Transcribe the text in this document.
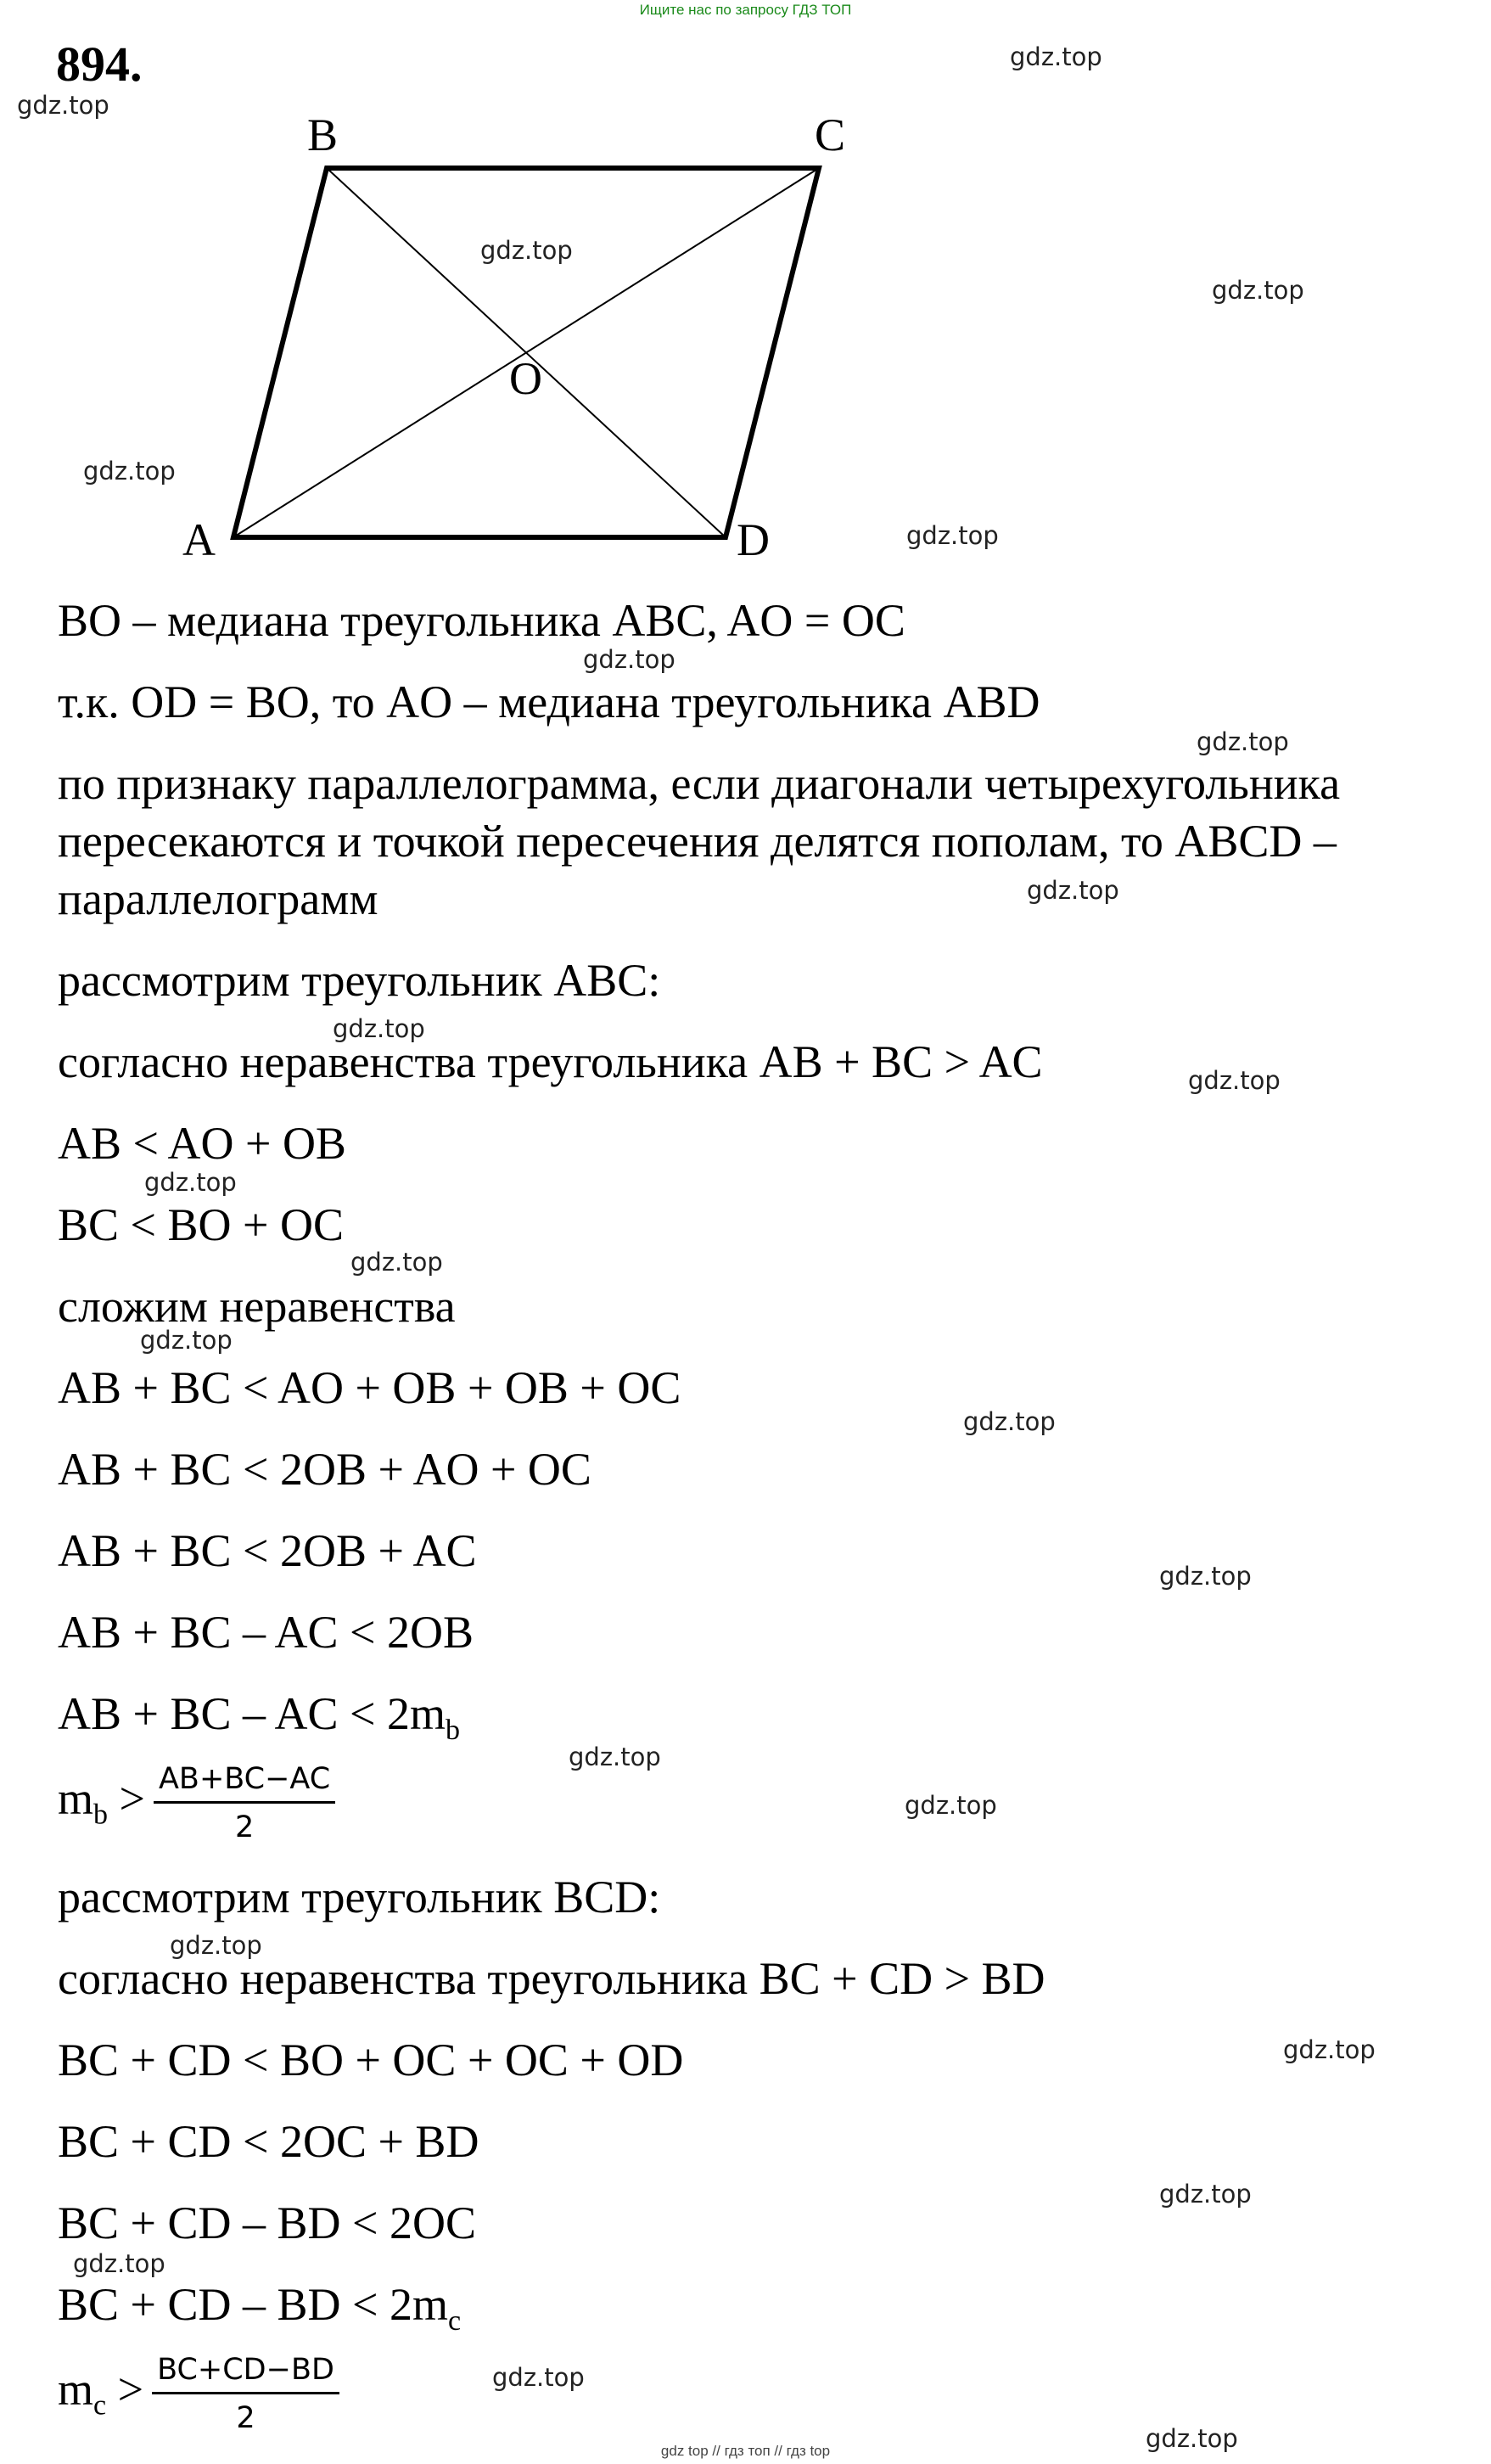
Ищите нас по запросу ГДЗ ТОП
894.
B	C
O
A	D
gdz.top
gdz.top
gdz.top
gdz.top
gdz.top
gdz.top
gdz.top
gdz.top
gdz.top
gdz.top
gdz.top
gdz.top
gdz.top
gdz.top
gdz.top
gdz.top
gdz.top
gdz.top
gdz.top
gdz.top
gdz.top
gdz.top
gdz.top
gdz.top
BO – медиана треугольника ABC, AO = OC
т.к. OD = BO, то AO – медиана треугольника ABD
по признаку параллелограмма, если диагонали четырехугольника
пересекаются и точкой пересечения делятся пополам, то ABCD –
параллелограмм
рассмотрим треугольник ABC:
согласно неравенства треугольника AB + BC > AC
AB < AO + OB
BC < BO + OC
сложим неравенства
AB + BC < AO + OB + OB + OC
AB + BC < 2OB + AO + OC
AB + BC < 2OB + AC
AB + BC – AC < 2OB
AB + BC – AC < $2m_b$
$m_b > \frac{AB+BC-AC}{2}$
рассмотрим треугольник BCD:
согласно неравенства треугольника BC + CD > BD
BC + CD < BO + OC + OC + OD
BC + CD < 2OC + BD
BC + CD – BD < 2OC
BC + CD – BD < $2m_c$
$m_c > \frac{BC+CD-BD}{2}$
gdz top // гдз топ // гдз top
